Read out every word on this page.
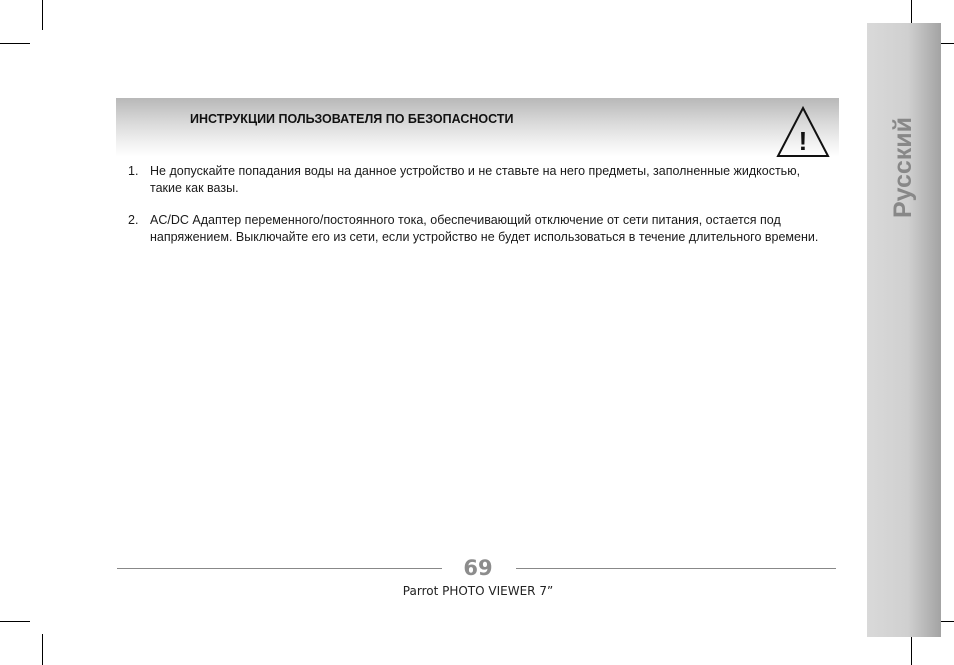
Русский
ИНСТРУКЦИИ ПОЛЬЗОВАТЕЛЯ ПО БЕЗОПАСНОСТИ
!
1. Не допускайте попадания воды на данное устройство и не ставьте на него предметы, заполненные жидкостью, такие как вазы.
2. AC/DC Адаптер переменного/постоянного тока, обеспечивающий отключение от сети питания, остается под напряжением. Выключайте его из сети, если устройство не будет использоваться в течение длительного времени.
69
Parrot PHOTO VIEWER 7”
